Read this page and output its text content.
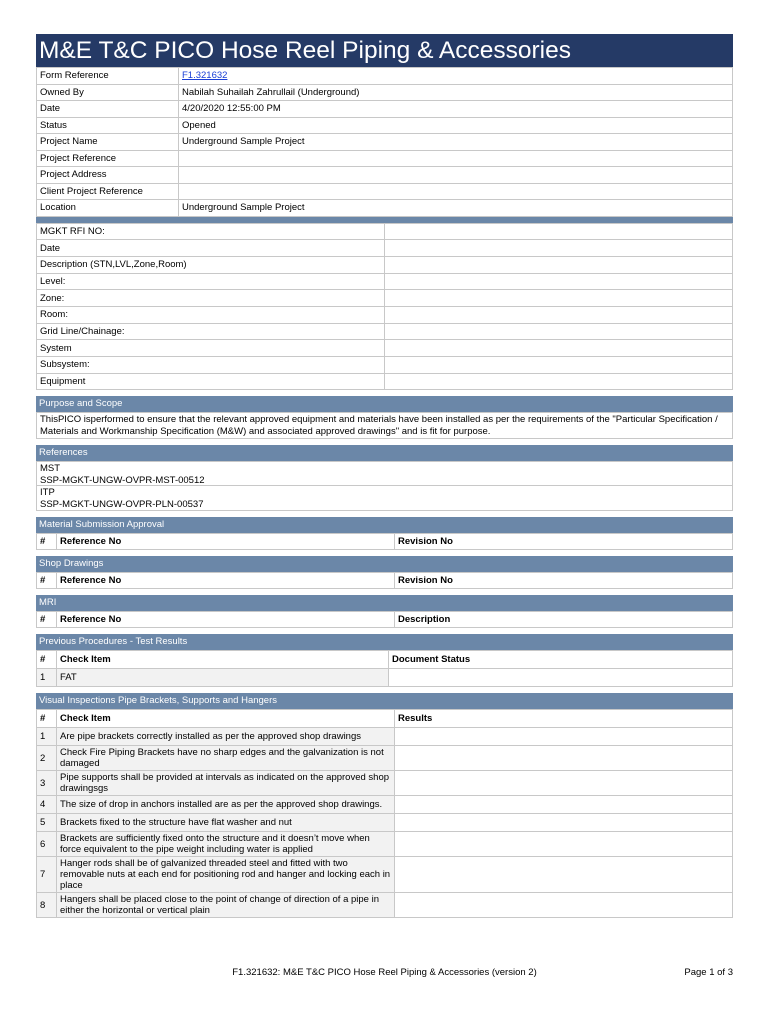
M&E T&C PICO Hose Reel Piping & Accessories
Form Reference	F1.321632
Owned By	Nabilah Suhailah Zahrullail (Underground)
Date	4/20/2020 12:55:00 PM
Status	Opened
Project Name	Underground Sample Project
Project Reference	
Project Address	
Client Project Reference	
Location	Underground Sample Project
MGKT RFI NO:	
Date	
Description (STN,LVL,Zone,Room)	
Level:	
Zone:	
Room:	
Grid Line/Chainage:	
System	
Subsystem:	
Equipment	
Purpose and Scope
ThisPICO isperformed to ensure that the relevant approved equipment and materials have been installed as per the requirements of the "Particular Specification / Materials and Workmanship Specification (M&W) and associated approved drawings" and is fit for purpose.
References
MST
SSP-MGKT-UNGW-OVPR-MST-00512
ITP
SSP-MGKT-UNGW-OVPR-PLN-00537
Material Submission Approval
#	Reference No	Revision No
Shop Drawings
#	Reference No	Revision No
MRI
#	Reference No	Description
Previous Procedures - Test Results
#	Check Item	Document Status
1	FAT	
Visual Inspections Pipe Brackets, Supports and Hangers
#	Check Item	Results
1	Are pipe brackets correctly installed as per the approved shop drawings	
2	Check Fire Piping Brackets have no sharp edges and the galvanization is not damaged	
3	Pipe supports shall be provided at intervals as indicated on the approved shop drawingsgs	
4	The size of drop in anchors installed are as per the approved shop drawings.	
5	Brackets fixed to the structure have flat washer and nut	
6	Brackets are sufficiently fixed onto the structure and it doesn’t move when force equivalent to the pipe weight including water is applied	
7	Hanger rods shall be of galvanized threaded steel and fitted with two removable nuts at each end for positioning rod and hanger and locking each in place	
8	Hangers shall be placed close to the point of change of direction of a pipe in either the horizontal or vertical plain	
F1.321632: M&E T&C PICO Hose Reel Piping & Accessories (version 2)	Page 1 of 3
